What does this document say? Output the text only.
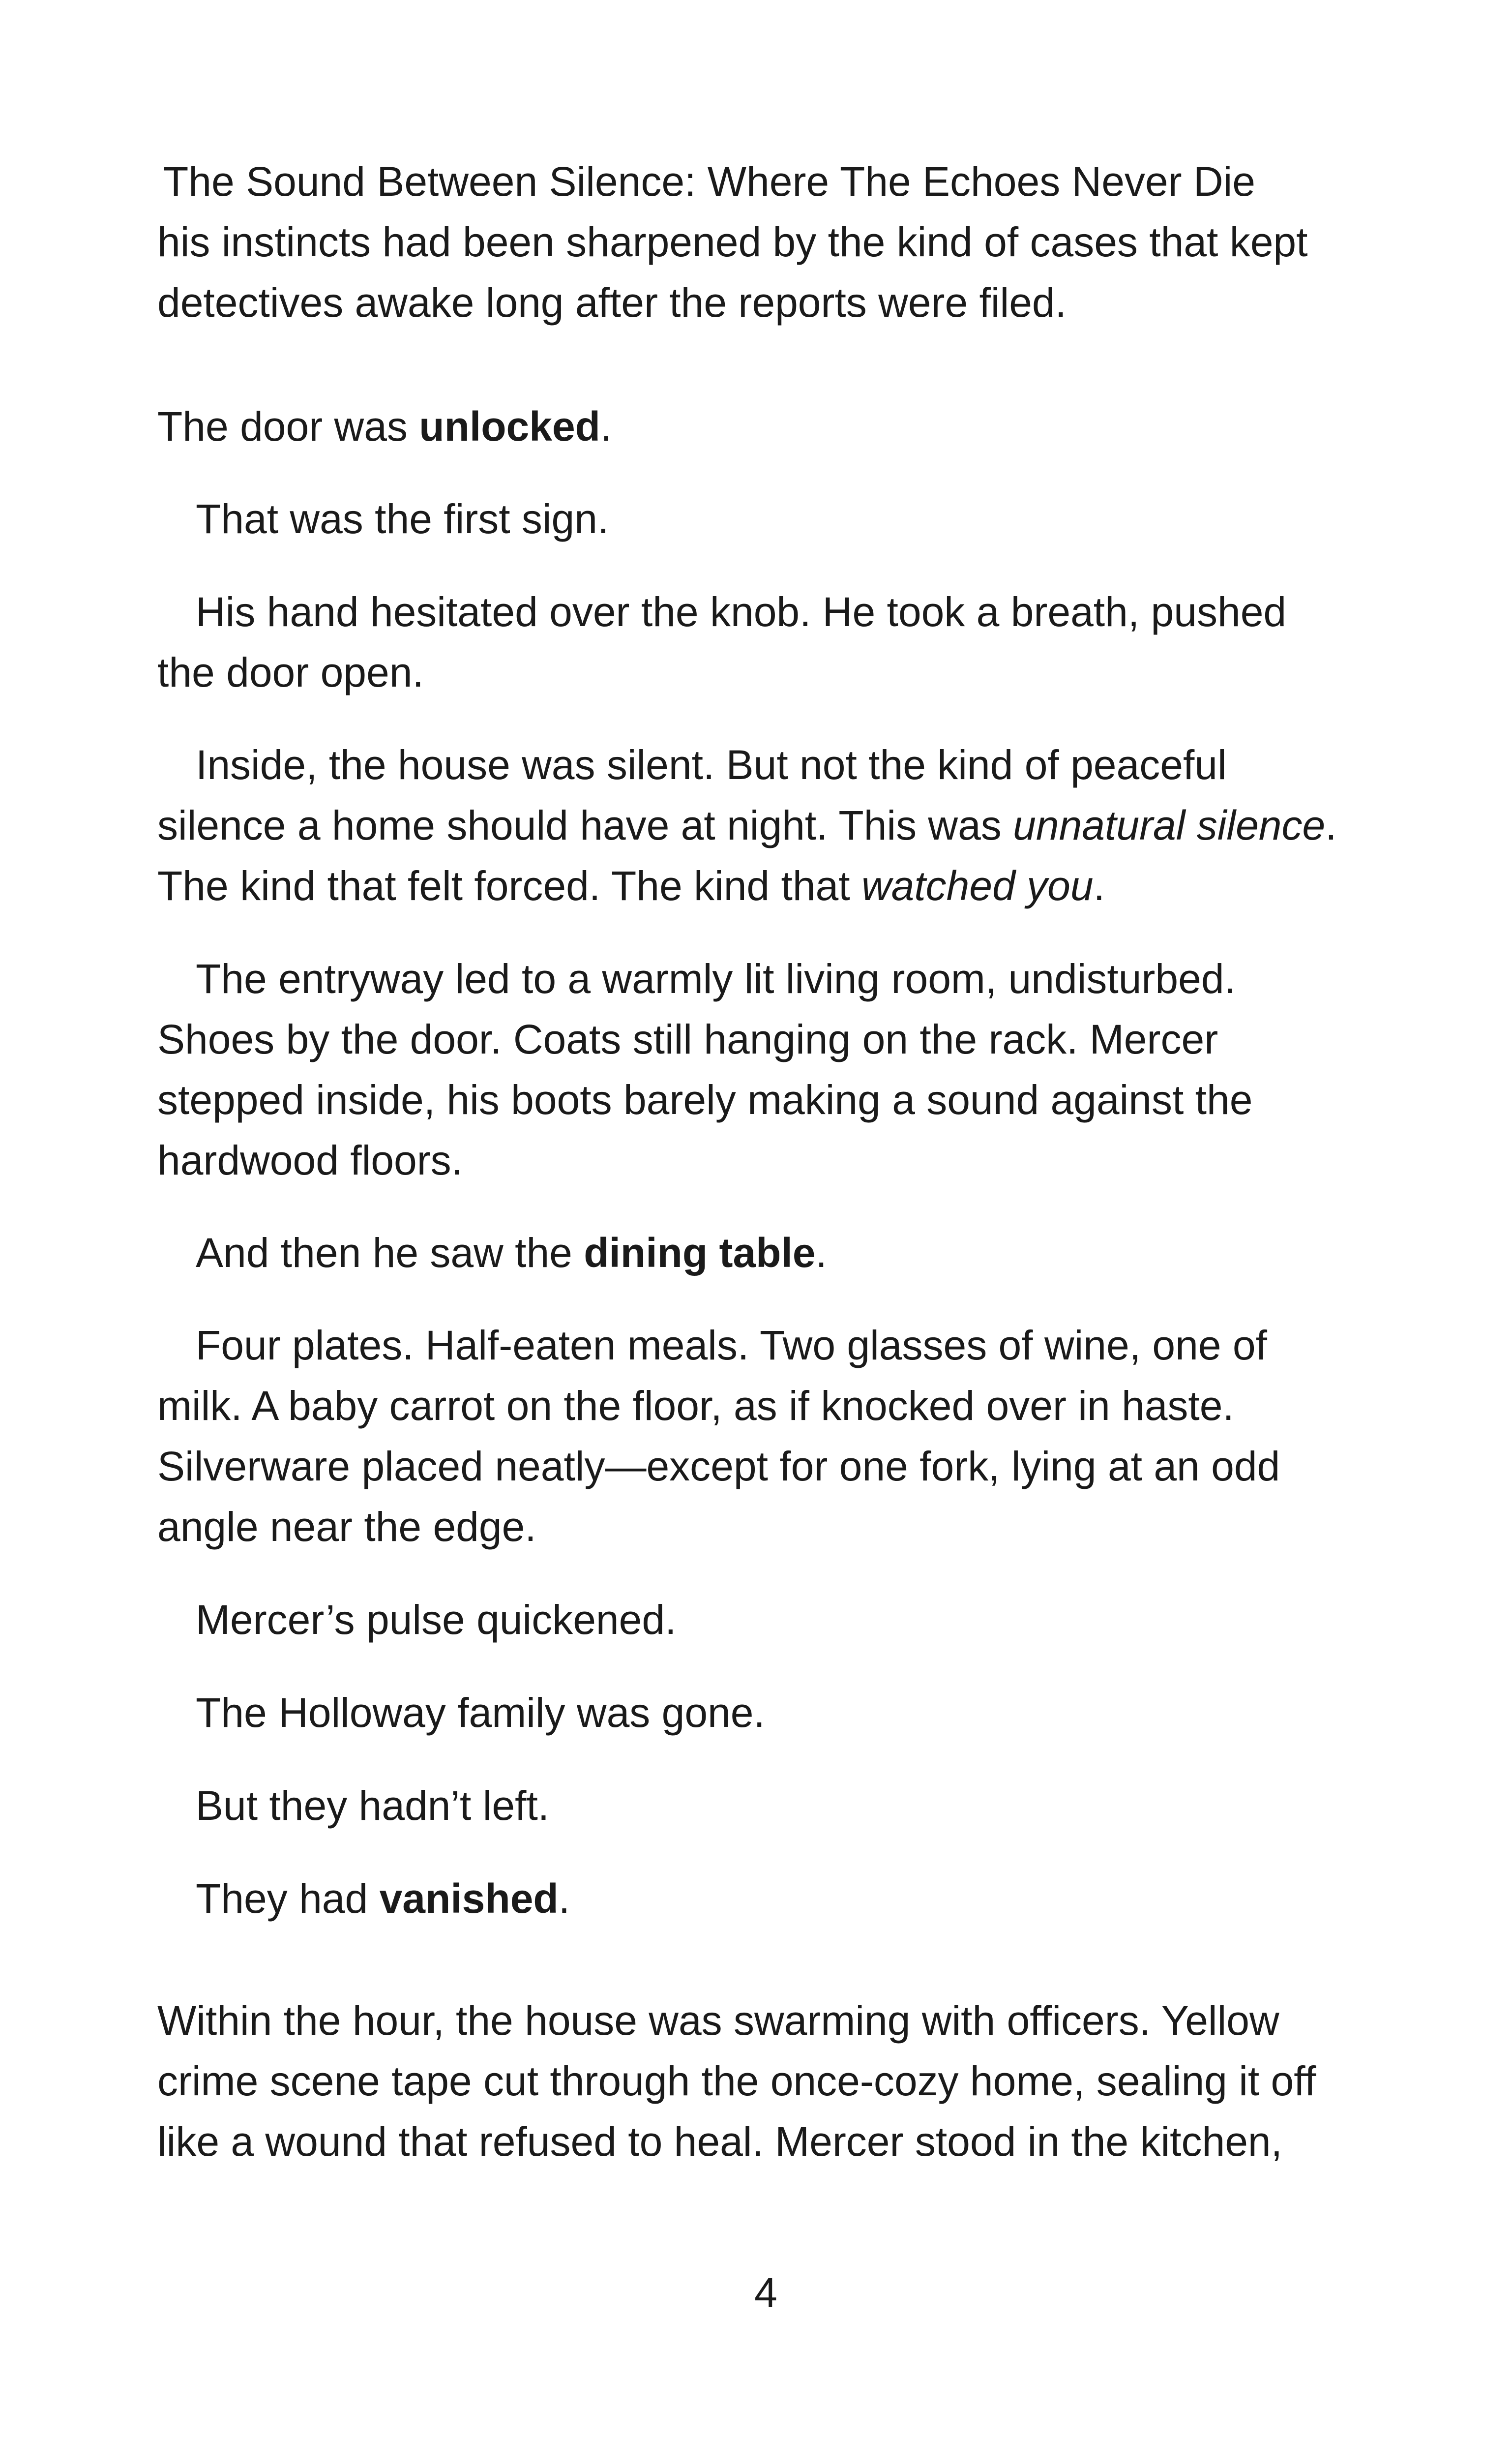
The Sound Between Silence: Where The Echoes Never Die
his instincts had been sharpened by the kind of cases that kept
detectives awake long after the reports were filed.
The door was unlocked.
That was the first sign.
His hand hesitated over the knob. He took a breath, pushed
the door open.
Inside, the house was silent. But not the kind of peaceful
silence a home should have at night. This was unnatural silence.
The kind that felt forced. The kind that watched you.
The entryway led to a warmly lit living room, undisturbed.
Shoes by the door. Coats still hanging on the rack. Mercer
stepped inside, his boots barely making a sound against the
hardwood floors.
And then he saw the dining table.
Four plates. Half-eaten meals. Two glasses of wine, one of
milk. A baby carrot on the floor, as if knocked over in haste.
Silverware placed neatly—except for one fork, lying at an odd
angle near the edge.
Mercer’s pulse quickened.
The Holloway family was gone.
But they hadn’t left.
They had vanished.
Within the hour, the house was swarming with officers. Yellow
crime scene tape cut through the once-cozy home, sealing it off
like a wound that refused to heal. Mercer stood in the kitchen,
4
